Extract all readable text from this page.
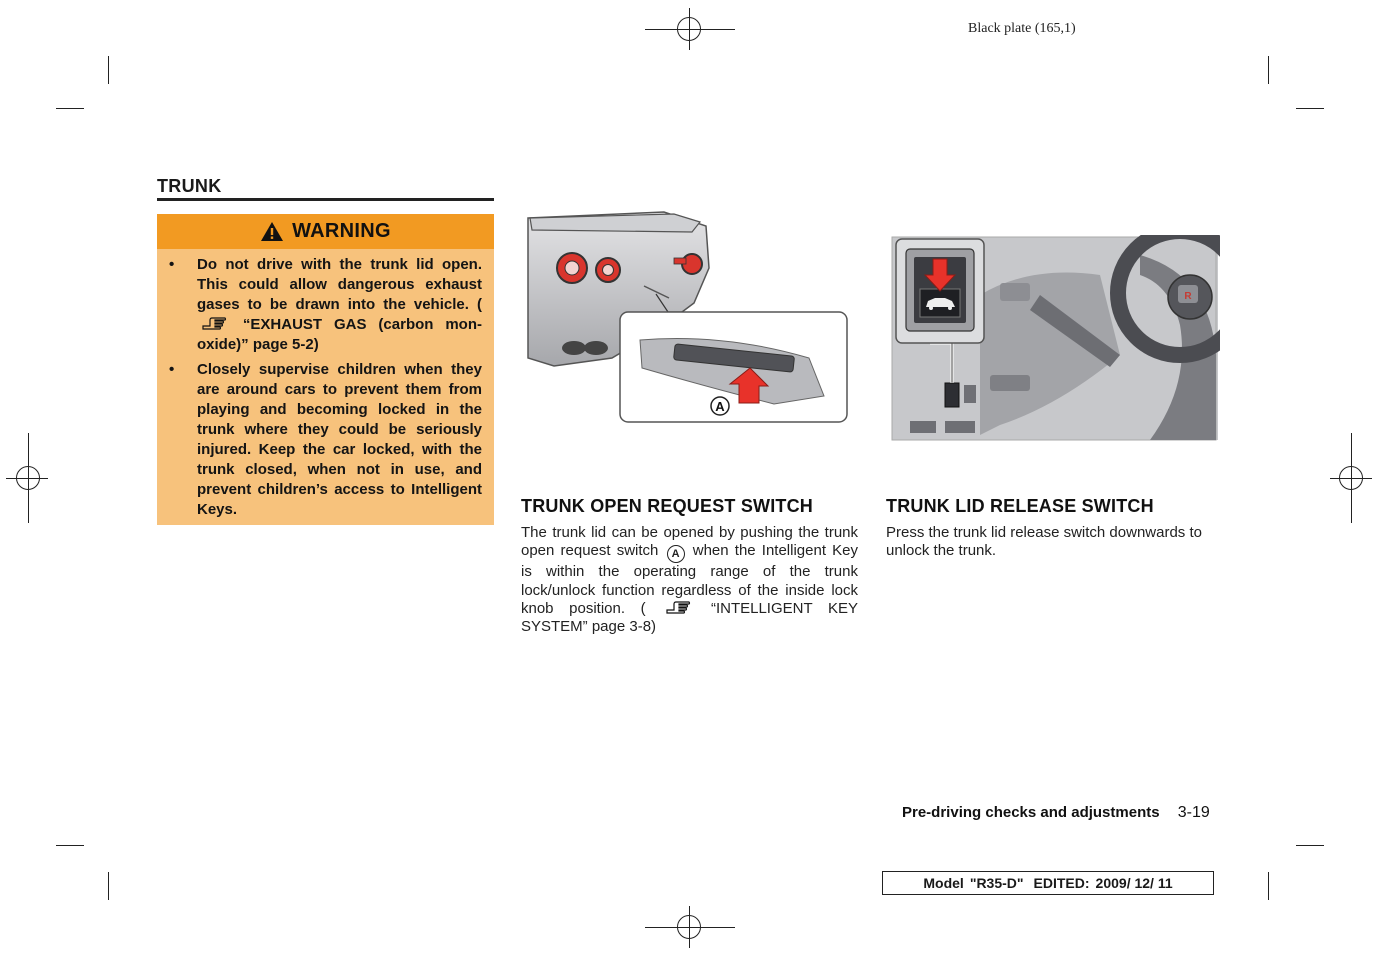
Black plate (165,1)
TRUNK
WARNING
• Do not drive with the trunk lid open. This could allow dangerous exhaust gases to be drawn into the vehicle. (  “EXHAUST GAS (carbon mon-oxide)” page 5-2)
• Closely supervise children when they are around cars to prevent them from playing and becoming locked in the trunk where they could be seriously injured. Keep the car locked, with the trunk closed, when not in use, and prevent children’s access to Intelligent Keys.
A
R
TRUNK OPEN REQUEST SWITCH
The trunk lid can be opened by pushing the trunk open request switch A when the Intelligent Key is within the operating range of the trunk lock/unlock function regardless of the inside lock knob position. (	“INTELLIGENT KEY SYSTEM” page 3-8)
TRUNK LID RELEASE SWITCH
Press the trunk lid release switch downwards to unlock the trunk.
Pre-driving checks and adjustments 3-19
Model "R35-D" EDITED: 2009/ 12/ 11
